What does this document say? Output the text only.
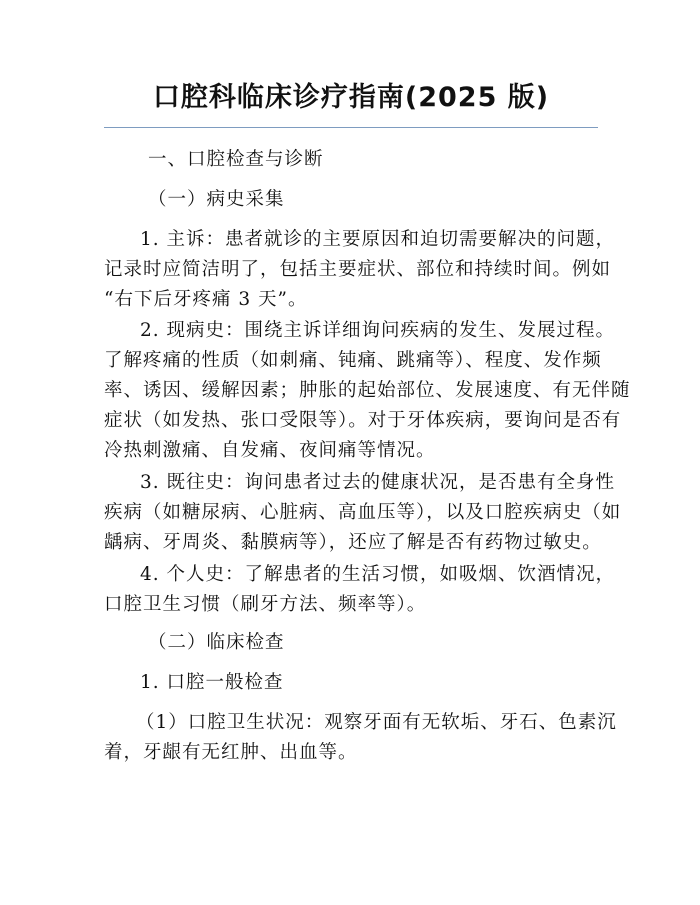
口腔科临床诊疗指南(2025 版)
一、口腔检查与诊断
（一）病史采集
1. 主诉：患者就诊的主要原因和迫切需要解决的问题，
记录时应简洁明了，包括主要症状、部位和持续时间。例如
“右下后牙疼痛 3 天”。
2. 现病史：围绕主诉详细询问疾病的发生、发展过程。
了解疼痛的性质（如刺痛、钝痛、跳痛等）、程度、发作频
率、诱因、缓解因素；肿胀的起始部位、发展速度、有无伴随
症状（如发热、张口受限等）。对于牙体疾病，要询问是否有
冷热刺激痛、自发痛、夜间痛等情况。
3. 既往史：询问患者过去的健康状况，是否患有全身性
疾病（如糖尿病、心脏病、高血压等），以及口腔疾病史（如
龋病、牙周炎、黏膜病等），还应了解是否有药物过敏史。
4. 个人史：了解患者的生活习惯，如吸烟、饮酒情况，
口腔卫生习惯（刷牙方法、频率等）。
（二）临床检查
1. 口腔一般检查
（1）口腔卫生状况：观察牙面有无软垢、牙石、色素沉
着，牙龈有无红肿、出血等。
